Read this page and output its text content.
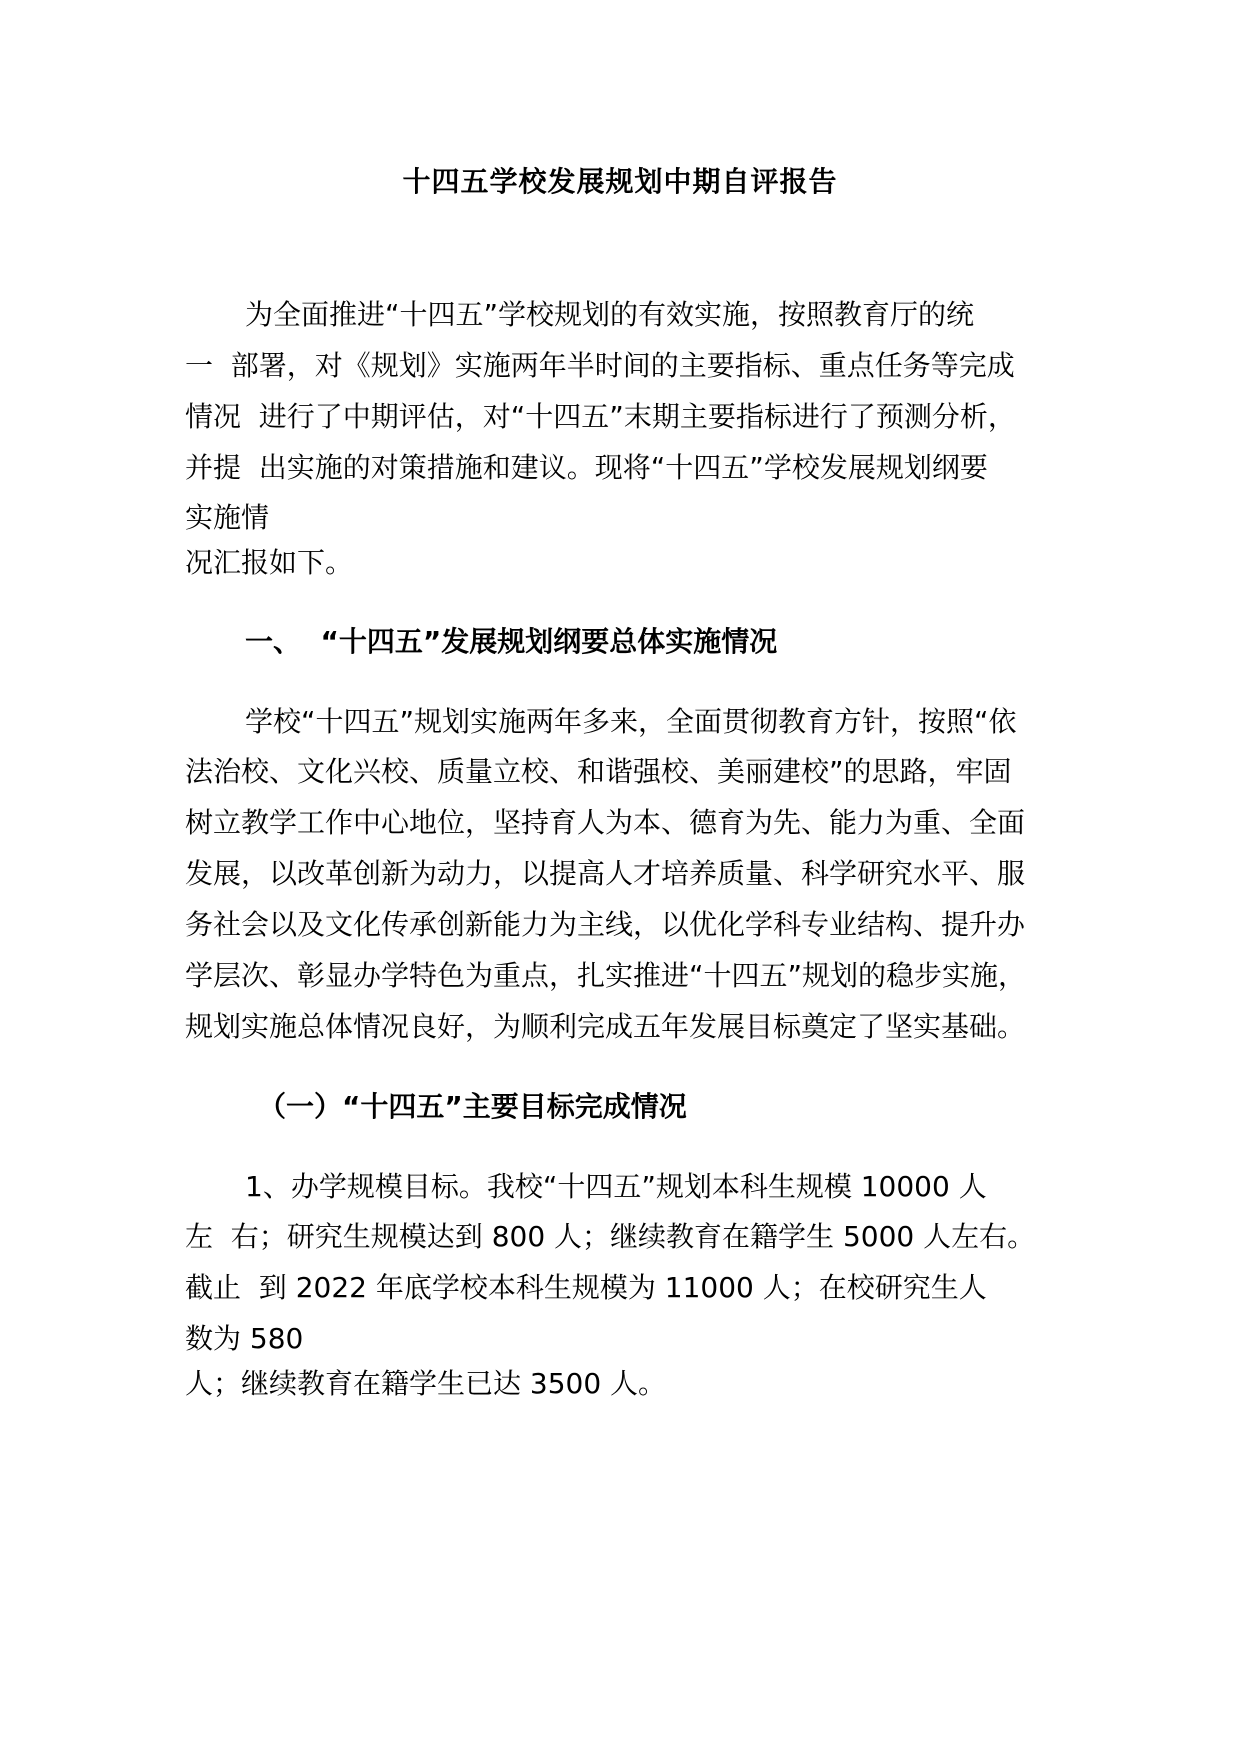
十四五学校发展规划中期自评报告
为全面推进“十四五”学校规划的有效实施，按照教育厅的统
一  部署，对《规划》实施两年半时间的主要指标、重点任务等完成
情况  进行了中期评估，对“十四五”末期主要指标进行了预测分析，
并提  出实施的对策措施和建议。现将“十四五”学校发展规划纲要
实施情
况汇报如下。
一、  “十四五”发展规划纲要总体实施情况
学校“十四五”规划实施两年多来，全面贯彻教育方针，按照“依
法治校、文化兴校、质量立校、和谐强校、美丽建校”的思路，牢固
树立教学工作中心地位，坚持育人为本、德育为先、能力为重、全面
发展，以改革创新为动力，以提高人才培养质量、科学研究水平、服
务社会以及文化传承创新能力为主线，以优化学科专业结构、提升办
学层次、彰显办学特色为重点，扎实推进“十四五”规划的稳步实施，
规划实施总体情况良好，为顺利完成五年发展目标奠定了坚实基础。
（一）“十四五”主要目标完成情况
1、办学规模目标。我校“十四五”规划本科生规模 10000 人
左  右；研究生规模达到 800 人；继续教育在籍学生 5000 人左右。
截止  到 2022 年底学校本科生规模为 11000 人；在校研究生人
数为 580
人；继续教育在籍学生已达 3500 人。
